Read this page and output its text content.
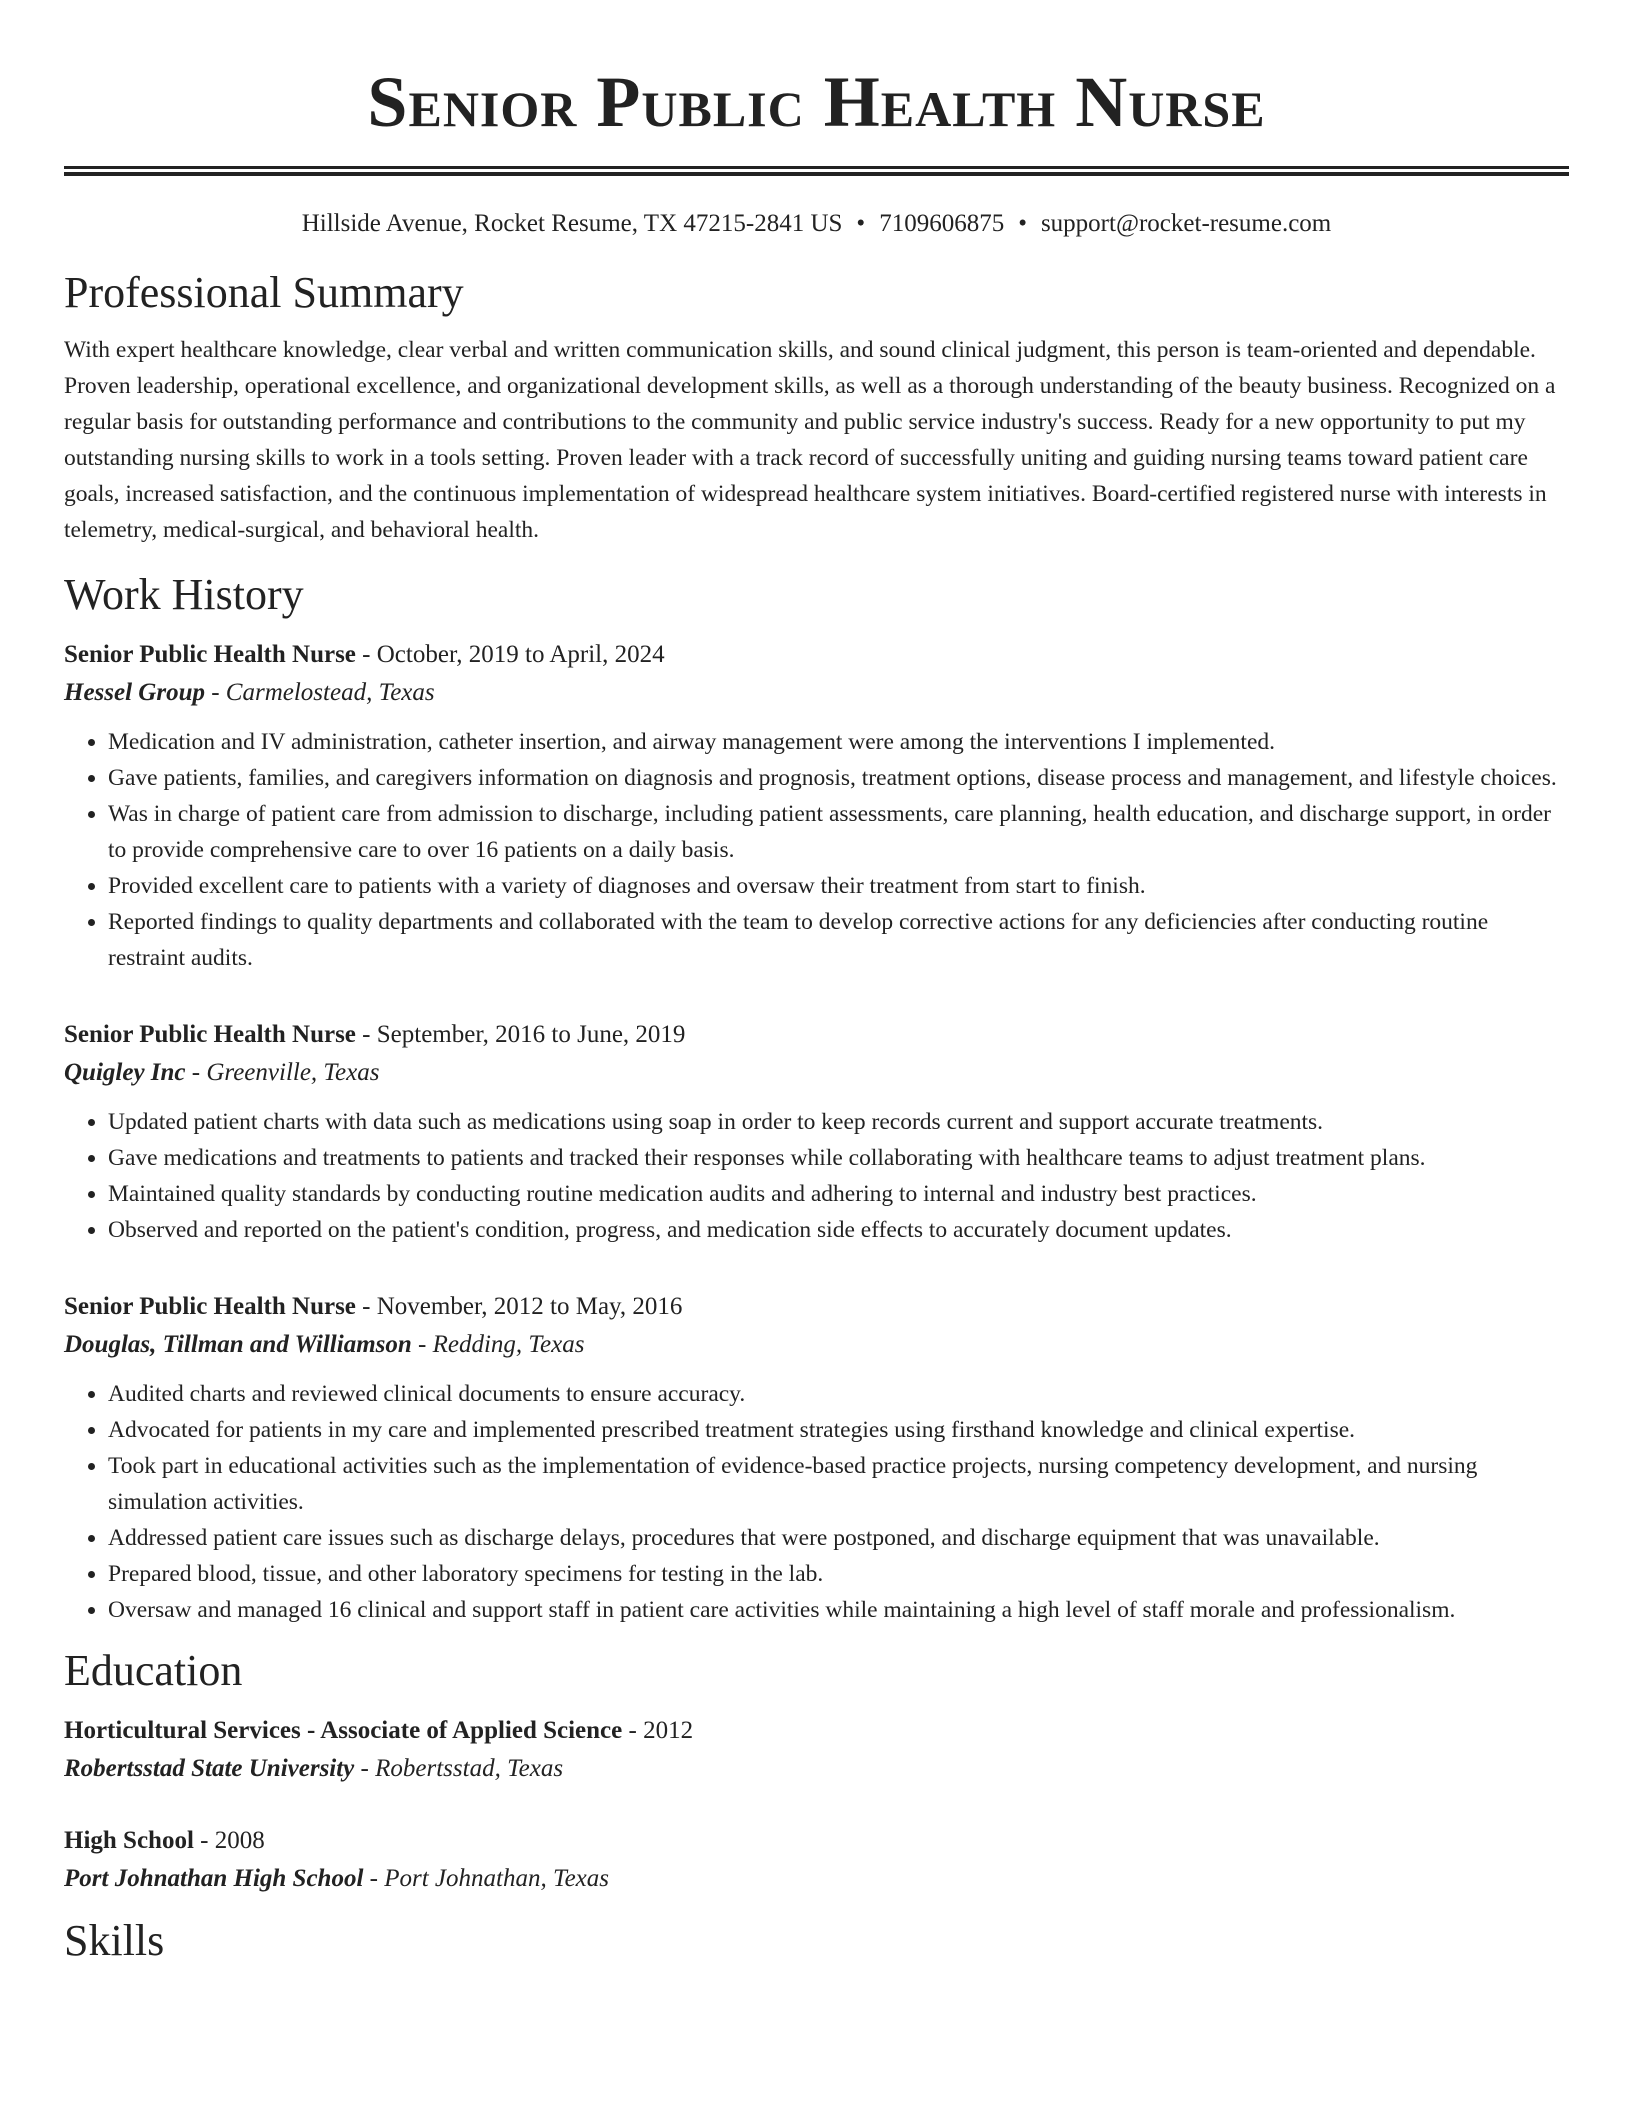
Senior Public Health Nurse
Hillside Avenue, Rocket Resume, TX 47215-2841 US • 7109606875 • support@rocket-resume.com
Professional Summary

With expert healthcare knowledge, clear verbal and written communication skills, and sound clinical judgment, this person is team-oriented and dependable. Proven leadership, operational excellence, and organizational development skills, as well as a thorough understanding of the beauty business. Recognized on a regular basis for outstanding performance and contributions to the community and public service industry's success. Ready for a new opportunity to put my outstanding nursing skills to work in a tools setting. Proven leader with a track record of successfully uniting and guiding nursing teams toward patient care goals, increased satisfaction, and the continuous implementation of widespread healthcare system initiatives. Board-certified registered nurse with interests in telemetry, medical-surgical, and behavioral health.

Work History
Senior Public Health Nurse - October, 2019 to April, 2024
Hessel Group - Carmelostead, Texas
• Medication and IV administration, catheter insertion, and airway management were among the interventions I implemented.
• Gave patients, families, and caregivers information on diagnosis and prognosis, treatment options, disease process and management, and lifestyle choices.
• Was in charge of patient care from admission to discharge, including patient assessments, care planning, health education, and discharge support, in order to provide comprehensive care to over 16 patients on a daily basis.
• Provided excellent care to patients with a variety of diagnoses and oversaw their treatment from start to finish.
• Reported findings to quality departments and collaborated with the team to develop corrective actions for any deficiencies after conducting routine restraint audits.
Senior Public Health Nurse - September, 2016 to June, 2019
Quigley Inc - Greenville, Texas
• Updated patient charts with data such as medications using soap in order to keep records current and support accurate treatments.
• Gave medications and treatments to patients and tracked their responses while collaborating with healthcare teams to adjust treatment plans.
• Maintained quality standards by conducting routine medication audits and adhering to internal and industry best practices.
• Observed and reported on the patient's condition, progress, and medication side effects to accurately document updates.
Senior Public Health Nurse - November, 2012 to May, 2016
Douglas, Tillman and Williamson - Redding, Texas
• Audited charts and reviewed clinical documents to ensure accuracy.
• Advocated for patients in my care and implemented prescribed treatment strategies using firsthand knowledge and clinical expertise.
• Took part in educational activities such as the implementation of evidence-based practice projects, nursing competency development, and nursing simulation activities.
• Addressed patient care issues such as discharge delays, procedures that were postponed, and discharge equipment that was unavailable.
• Prepared blood, tissue, and other laboratory specimens for testing in the lab.
• Oversaw and managed 16 clinical and support staff in patient care activities while maintaining a high level of staff morale and professionalism.
Education
Horticultural Services - Associate of Applied Science - 2012
Robertsstad State University - Robertsstad, Texas
High School - 2008
Port Johnathan High School - Port Johnathan, Texas
Skills
